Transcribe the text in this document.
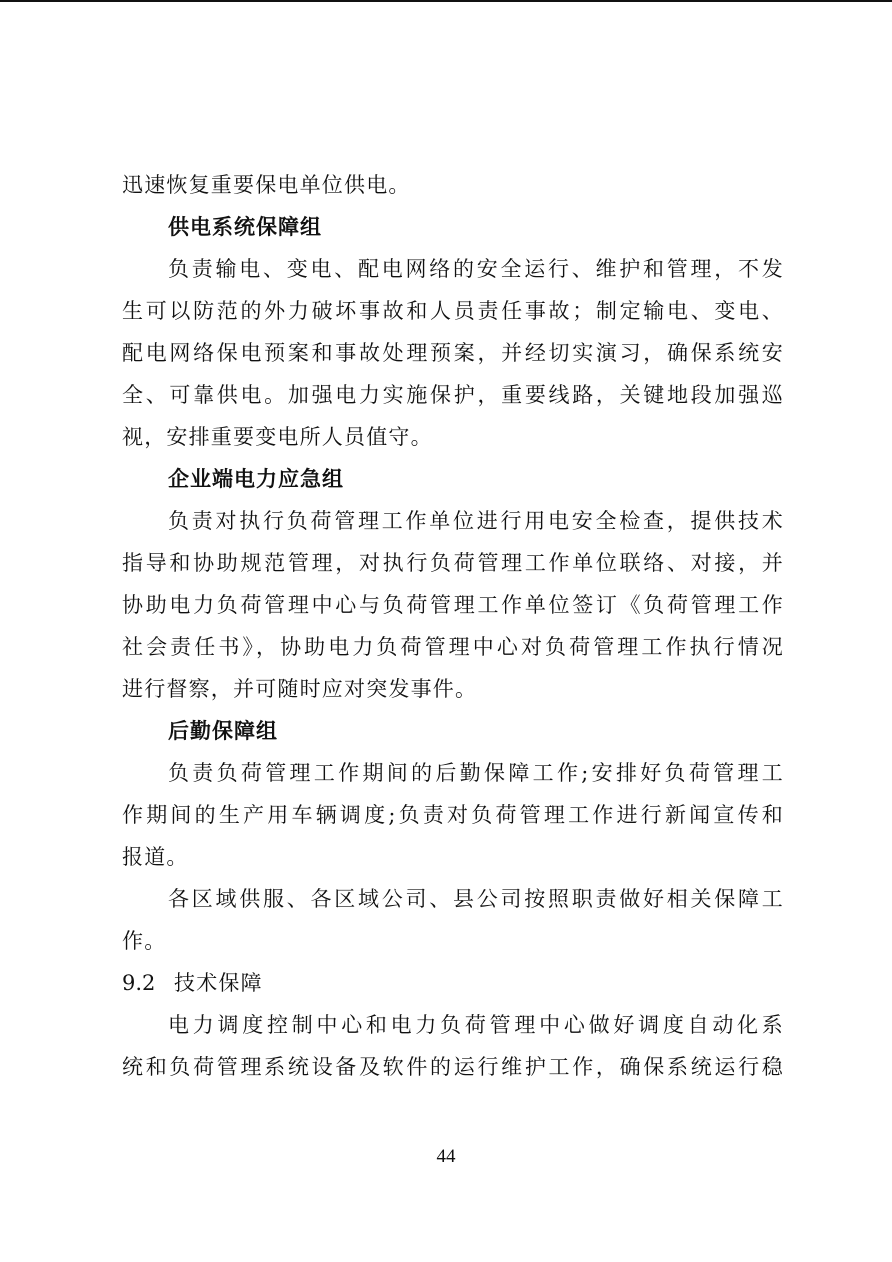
迅速恢复重要保电单位供电。
供电系统保障组
负责输电、变电、配电网络的安全运行、维护和管理，不发
生可以防范的外力破坏事故和人员责任事故；制定输电、变电、
配电网络保电预案和事故处理预案，并经切实演习，确保系统安
全、可靠供电。加强电力实施保护，重要线路，关键地段加强巡
视，安排重要变电所人员值守。
企业端电力应急组
负责对执行负荷管理工作单位进行用电安全检查，提供技术
指导和协助规范管理，对执行负荷管理工作单位联络、对接，并
协助电力负荷管理中心与负荷管理工作单位签订《负荷管理工作
社会责任书》，协助电力负荷管理中心对负荷管理工作执行情况
进行督察，并可随时应对突发事件。
后勤保障组
负责负荷管理工作期间的后勤保障工作;安排好负荷管理工
作期间的生产用车辆调度;负责对负荷管理工作进行新闻宣传和
报道。
各区域供服、各区域公司、县公司按照职责做好相关保障工
作。
9.2 技术保障
电力调度控制中心和电力负荷管理中心做好调度自动化系
统和负荷管理系统设备及软件的运行维护工作，确保系统运行稳
44
